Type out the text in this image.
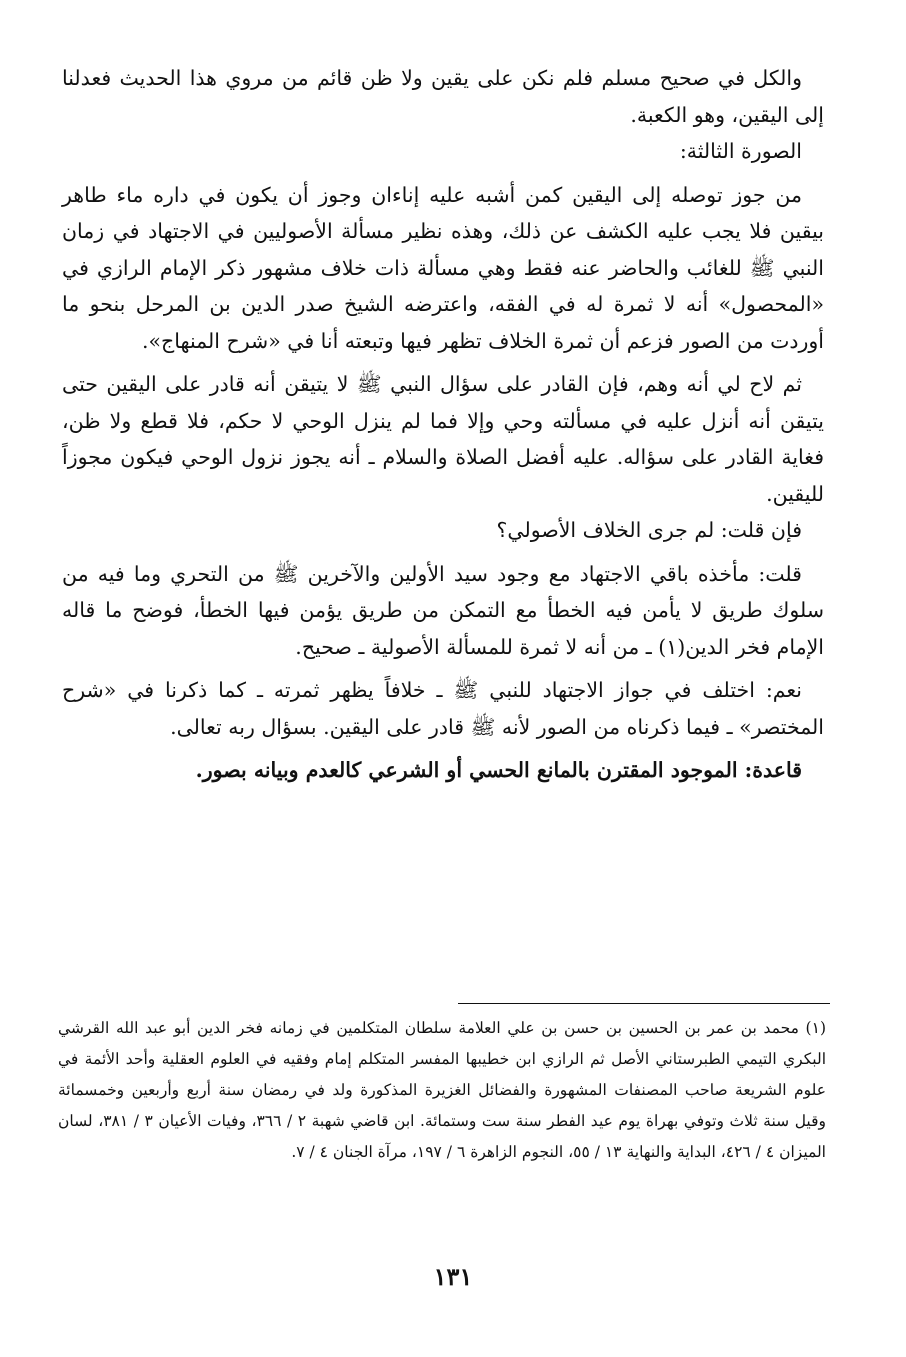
والكل في صحيح مسلم فلم نكن على يقين ولا ظن قائم من مروي هذا الحديث فعدلنا إلى اليقين، وهو الكعبة.

الصورة الثالثة:

من جوز توصله إلى اليقين كمن أشبه عليه إناءان وجوز أن يكون في داره ماء طاهر بيقين فلا يجب عليه الكشف عن ذلك، وهذه نظير مسألة الأصوليين في الاجتهاد في زمان النبي ﷺ للغائب والحاضر عنه فقط وهي مسألة ذات خلاف مشهور ذكر الإمام الرازي في «المحصول» أنه لا ثمرة له في الفقه، واعترضه الشيخ صدر الدين بن المرحل بنحو ما أوردت من الصور فزعم أن ثمرة الخلاف تظهر فيها وتبعته أنا في «شرح المنهاج».

ثم لاح لي أنه وهم، فإن القادر على سؤال النبي ﷺ لا يتيقن أنه قادر على اليقين حتى يتيقن أنه أنزل عليه في مسألته وحي وإلا فما لم ينزل الوحي لا حكم، فلا قطع ولا ظن، فغاية القادر على سؤاله. عليه أفضل الصلاة والسلام ـ أنه يجوز نزول الوحي فيكون مجوزاً لليقين.

فإن قلت: لم جرى الخلاف الأصولي؟

قلت: مأخذه باقي الاجتهاد مع وجود سيد الأولين والآخرين ﷺ من التحري وما فيه من سلوك طريق لا يأمن فيه الخطأ مع التمكن من طريق يؤمن فيها الخطأ، فوضح ما قاله الإمام فخر الدين(١) ـ من أنه لا ثمرة للمسألة الأصولية ـ صحيح.

نعم: اختلف في جواز الاجتهاد للنبي ﷺ ـ خلافاً يظهر ثمرته ـ كما ذكرنا في «شرح المختصر» ـ فيما ذكرناه من الصور لأنه ﷺ قادر على اليقين. بسؤال ربه تعالى.

قاعدة: الموجود المقترن بالمانع الحسي أو الشرعي كالعدم وبيانه بصور.

(١) محمد بن عمر بن الحسين بن حسن بن علي العلامة سلطان المتكلمين في زمانه فخر الدين أبو عبد الله القرشي البكري التيمي الطبرستاني الأصل ثم الرازي ابن خطيبها المفسر المتكلم إمام وفقيه في العلوم العقلية وأحد الأئمة في علوم الشريعة صاحب المصنفات المشهورة والفضائل الغزيرة المذكورة ولد في رمضان سنة أربع وأربعين وخمسمائة وقيل سنة ثلاث وتوفي بهراة يوم عيد الفطر سنة ست وستمائة. ابن قاضي شهبة ٢ / ٣٦٦، وفيات الأعيان ٣ / ٣٨١، لسان الميزان ٤ / ٤٢٦، البداية والنهاية ١٣ / ٥٥، النجوم الزاهرة ٦ / ١٩٧، مرآة الجنان ٤ / ٧.

١٣١
